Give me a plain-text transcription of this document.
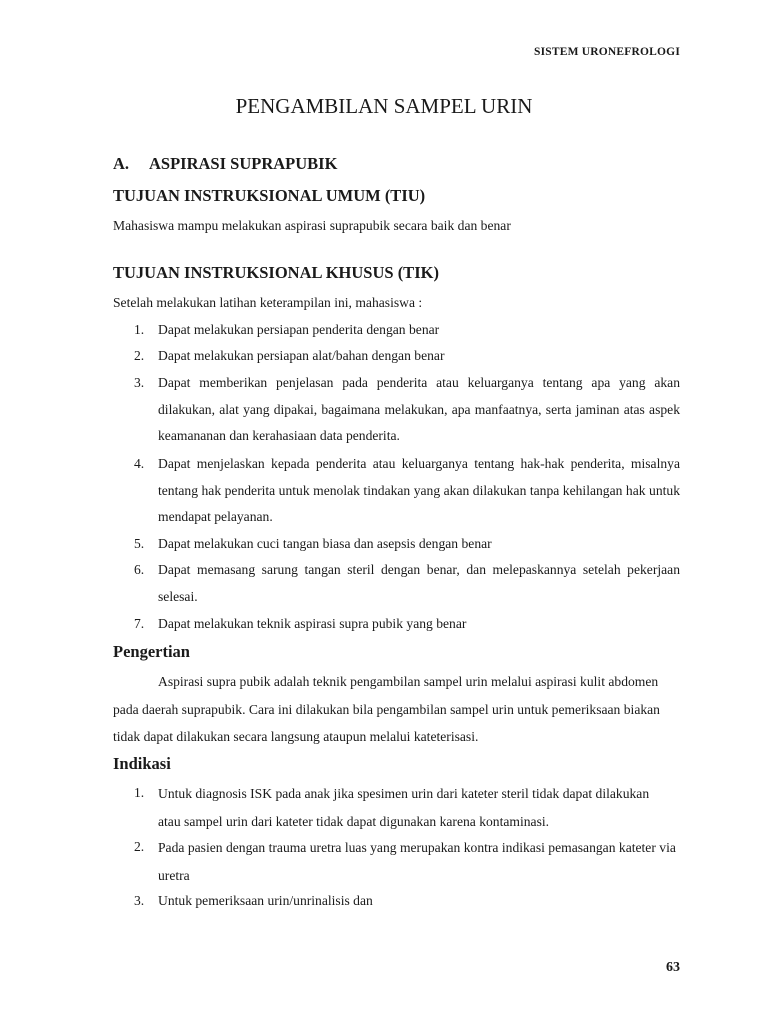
SISTEM URONEFROLOGI
PENGAMBILAN SAMPEL URIN
A. ASPIRASI SUPRAPUBIK
TUJUAN INSTRUKSIONAL UMUM (TIU)

Mahasiswa mampu melakukan aspirasi suprapubik secara baik dan benar

TUJUAN INSTRUKSIONAL KHUSUS (TIK)

Setelah melakukan latihan keterampilan ini, mahasiswa :

1. Dapat melakukan persiapan penderita dengan benar
2. Dapat melakukan persiapan alat/bahan dengan benar
3. Dapat memberikan penjelasan pada penderita atau keluarganya tentang apa yang akan dilakukan, alat yang dipakai, bagaimana melakukan, apa manfaatnya, serta jaminan atas aspek keamananan dan kerahasiaan data penderita.
4. Dapat menjelaskan kepada penderita atau keluarganya tentang hak-hak penderita, misalnya tentang hak penderita untuk menolak tindakan yang akan dilakukan tanpa kehilangan hak untuk mendapat pelayanan.
5. Dapat melakukan cuci tangan biasa dan asepsis dengan benar
6. Dapat memasang sarung tangan steril dengan benar, dan melepaskannya setelah pekerjaan selesai.
7. Dapat melakukan teknik aspirasi supra pubik yang benar
Pengertian

Aspirasi supra pubik adalah teknik pengambilan sampel urin melalui aspirasi kulit abdomen pada daerah suprapubik. Cara ini dilakukan bila pengambilan sampel urin untuk pemeriksaan biakan tidak dapat dilakukan secara langsung ataupun melalui kateterisasi.

Indikasi
1. Untuk diagnosis ISK pada anak jika spesimen urin dari kateter steril tidak dapat dilakukan atau sampel urin dari kateter tidak dapat digunakan karena kontaminasi.
2. Pada pasien dengan trauma uretra luas yang merupakan kontra indikasi pemasangan kateter via uretra
3. Untuk pemeriksaan urin/unrinalisis dan
63
